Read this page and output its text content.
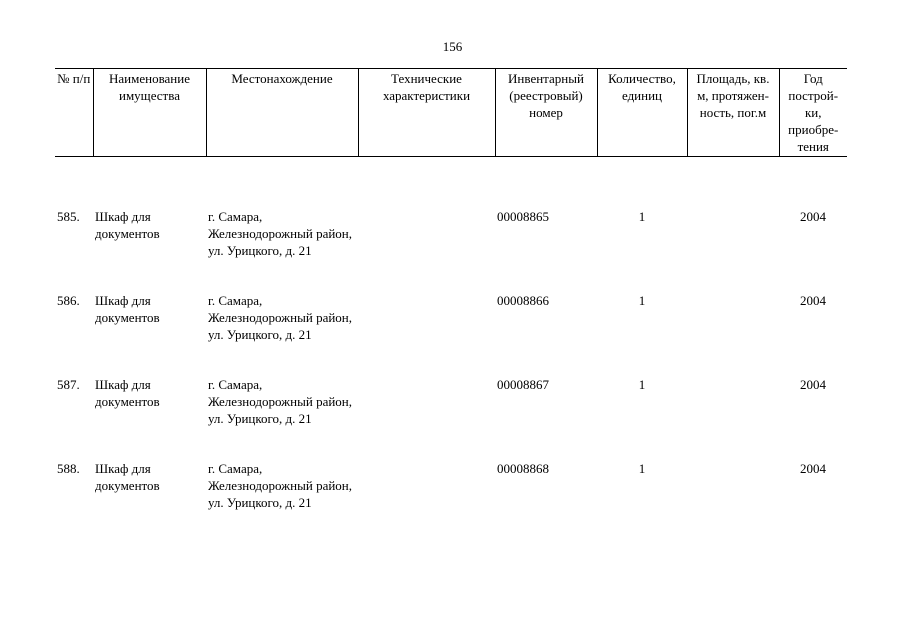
156
№ п/п	Наименование имущества	Местонахождение	Технические характеристики	Инвентарный (реестровый) номер	Количество, единиц	Площадь, кв. м, протяжен-ность, пог.м	Год построй-ки, приобре-тения
585.	Шкаф для документов	г. Самара, Железнодорожный район, ул. Урицкого, д. 21		00008865	1		2004
586.	Шкаф для документов	г. Самара, Железнодорожный район, ул. Урицкого, д. 21		00008866	1		2004
587.	Шкаф для документов	г. Самара, Железнодорожный район, ул. Урицкого, д. 21		00008867	1		2004
588.	Шкаф для документов	г. Самара, Железнодорожный район, ул. Урицкого, д. 21		00008868	1		2004
